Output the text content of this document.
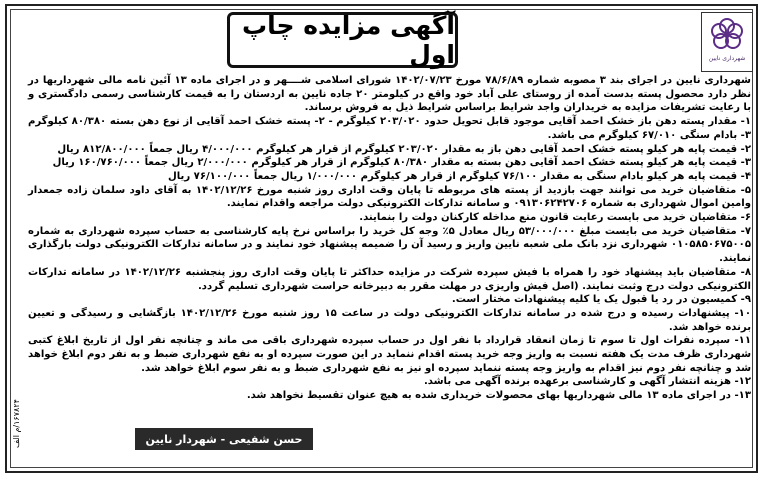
آگهی مزایده چاپ اول	شهرداری نایین

شهرداری نایین در اجرای بند ۳ مصوبه شماره ۷۸/۶/۸۹ مورخ ۱۴۰۲/۰۷/۲۳ شورای اسلامی شــــهر و در اجرای ماده ۱۳ آئین نامه مالی شهرداریها در نظر دارد محصول پسته بدست آمده از روستای علی آباد خود واقع در کیلومتر ۲۰ جاده نایین به اردستان را به قیمت کارشناسی رسمی دادگستری و با رعایت تشریفات مزایده به خریداران واجد شرایط براساس شرایط ذیل به فروش برساند.

۱- مقدار پسته دهن باز خشک احمد آقایی موجود قابل تحویل حدود ۲۰۳/۰۲۰ کیلوگرم - ۲- پسته خشک احمد آقایی از نوع دهن بسته ۸۰/۳۸۰ کیلوگرم ۳- بادام سنگی ۶۷/۰۱۰ کیلوگرم می باشد.

۲- قیمت پایه هر کیلو پسته خشک احمد آقایی دهن باز به مقدار ۲۰۳/۰۲۰ کیلوگرم از قرار هر کیلوگرم ۴/۰۰۰/۰۰۰ ریال جمعاً ۸۱۲/۸۰۰/۰۰۰ ریال

۳- قیمت پایه هر کیلو پسته خشک احمد آقایی دهن بسته به مقدار ۸۰/۳۸۰ کیلوگرم از قرار هر کیلوگرم ۲/۰۰۰/۰۰۰ ریال جمعاً ۱۶۰/۷۶۰/۰۰۰ ریال

۴- قیمت پایه هر کیلو بادام سنگی به مقدار ۷۶/۱۰۰ کیلوگرم از قرار هر کیلوگرم ۱/۰۰۰/۰۰۰ ریال جمعاً ۷۶/۱۰۰/۰۰۰ ریال

۵- متقاضیان خرید می توانند جهت بازدید از پسته های مربوطه تا پایان وقت اداری روز شنبه مورخ ۱۴۰۲/۱۲/۲۶ به آقای داود سلمان زاده جمعدار وامین اموال شهرداری به شماره ۰۹۱۳۰۶۲۴۲۷۰۶ و سامانه تدارکات الکترونیکی دولت مراجعه واقدام نمایند.

۶- متقاضیان خرید می بایست رعایت قانون منع مداخله کارکنان دولت را بنمایند.

۷- متقاضیان خرید می بایست مبلغ ۵۳/۰۰۰/۰۰۰ ریال معادل ۵٪ وجه کل خرید را براساس نرخ پایه کارشناسی به حساب سپرده شهرداری به شماره ۰۱۰۵۸۵۰۶۷۵۰۰۵ شهرداری نزد بانک ملی شعبه نایین واریز و رسید آن را ضمیمه پیشنهاد خود نمایند و در سامانه تدارکات الکترونیکی دولت بارگذاری نمایند.

۸- متقاضیان باید پیشنهاد خود را همراه با فیش سپرده شرکت در مزایده حداکثر تا پایان وقت اداری روز پنجشنبه ۱۴۰۲/۱۲/۲۶ در سامانه تدارکات الکترونیکی دولت درج وثبت نمایند. (اصل فیش واریزی در مهلت مقرر به دبیرخانه حراست شهرداری تسلیم گردد.

۹- کمیسیون در رد یا قبول یک یا کلیه پیشنهادات مختار است.

۱۰- پیشنهادات رسیده و درج شده در سامانه تدارکات الکترونیکی دولت در ساعت ۱۵ روز شنبه مورخ ۱۴۰۲/۱۲/۲۶ بازگشایی و رسیدگی و تعیین برنده خواهد شد.

۱۱- سپرده نفرات اول تا سوم تا زمان انعقاد قرارداد با نفر اول در حساب سپرده شهرداری باقی می ماند و چنانچه نفر اول از تاریخ ابلاغ کتبی شهرداری ظرف مدت یک هفته نسبت به واریز وجه خرید پسته اقدام ننماید در این صورت سپرده او به نفع شهرداری ضبط و به نفر دوم ابلاغ خواهد شد و چنانچه نفر دوم نیز اقدام به واریز وجه پسته ننماید سپرده او نیز به نفع شهرداری ضبط و به نفر سوم ابلاغ خواهد شد.

۱۲- هزینه انتشار آگهی و کارشناسی برعهده برنده آگهی می باشد.

۱۳- در اجرای ماده ۱۳ مالی شهرداریها بهای محصولات خریداری شده به هیچ عنوان تقسیط نخواهد شد.

حسن شفیعی - شهردار نایین
۱۶۷۸۲۴/م الف
